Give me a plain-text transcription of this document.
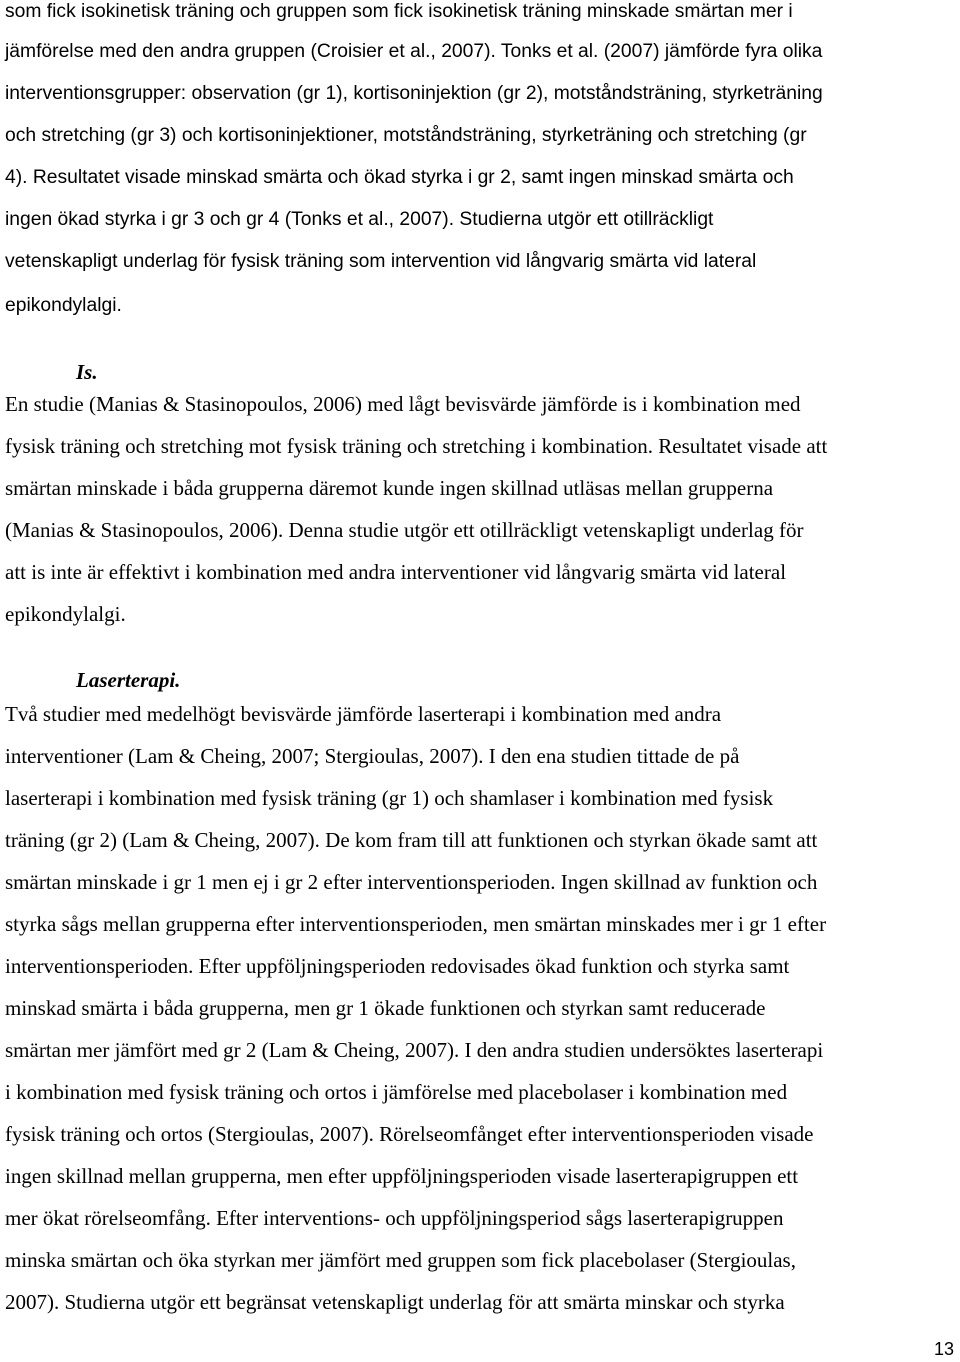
som fick isokinetisk träning och gruppen som fick isokinetisk träning minskade smärtan mer i
jämförelse med den andra gruppen (Croisier et al., 2007). Tonks et al. (2007) jämförde fyra olika
interventionsgrupper: observation (gr 1), kortisoninjektion (gr 2), motståndsträning, styrketräning
och stretching (gr 3) och kortisoninjektioner, motståndsträning, styrketräning och stretching (gr
4). Resultatet visade minskad smärta och ökad styrka i gr 2, samt ingen minskad smärta och
ingen ökad styrka i gr 3 och gr 4 (Tonks et al., 2007). Studierna utgör ett otillräckligt
vetenskapligt underlag för fysisk träning som intervention vid långvarig smärta vid lateral
epikondylalgi.
Is.
En studie (Manias & Stasinopoulos, 2006) med lågt bevisvärde jämförde is i kombination med
fysisk träning och stretching mot fysisk träning och stretching i kombination. Resultatet visade att
smärtan minskade i båda grupperna däremot kunde ingen skillnad utläsas mellan grupperna
(Manias & Stasinopoulos, 2006). Denna studie utgör ett otillräckligt vetenskapligt underlag för
att is inte är effektivt i kombination med andra interventioner vid långvarig smärta vid lateral
epikondylalgi.
Laserterapi.
Två studier med medelhögt bevisvärde jämförde laserterapi i kombination med andra
interventioner (Lam & Cheing, 2007; Stergioulas, 2007). I den ena studien tittade de på
laserterapi i kombination med fysisk träning (gr 1) och shamlaser i kombination med fysisk
träning (gr 2) (Lam & Cheing, 2007). De kom fram till att funktionen och styrkan ökade samt att
smärtan minskade i gr 1 men ej i gr 2 efter interventionsperioden. Ingen skillnad av funktion och
styrka sågs mellan grupperna efter interventionsperioden, men smärtan minskades mer i gr 1 efter
interventionsperioden. Efter uppföljningsperioden redovisades ökad funktion och styrka samt
minskad smärta i båda grupperna, men gr 1 ökade funktionen och styrkan samt reducerade
smärtan mer jämfört med gr 2 (Lam & Cheing, 2007). I den andra studien undersöktes laserterapi
i kombination med fysisk träning och ortos i jämförelse med placebolaser i kombination med
fysisk träning och ortos (Stergioulas, 2007). Rörelseomfånget efter interventionsperioden visade
ingen skillnad mellan grupperna, men efter uppföljningsperioden visade laserterapigruppen ett
mer ökat rörelseomfång. Efter interventions- och uppföljningsperiod sågs laserterapigruppen
minska smärtan och öka styrkan mer jämfört med gruppen som fick placebolaser (Stergioulas,
2007). Studierna utgör ett begränsat vetenskapligt underlag för att smärta minskar och styrka
13
